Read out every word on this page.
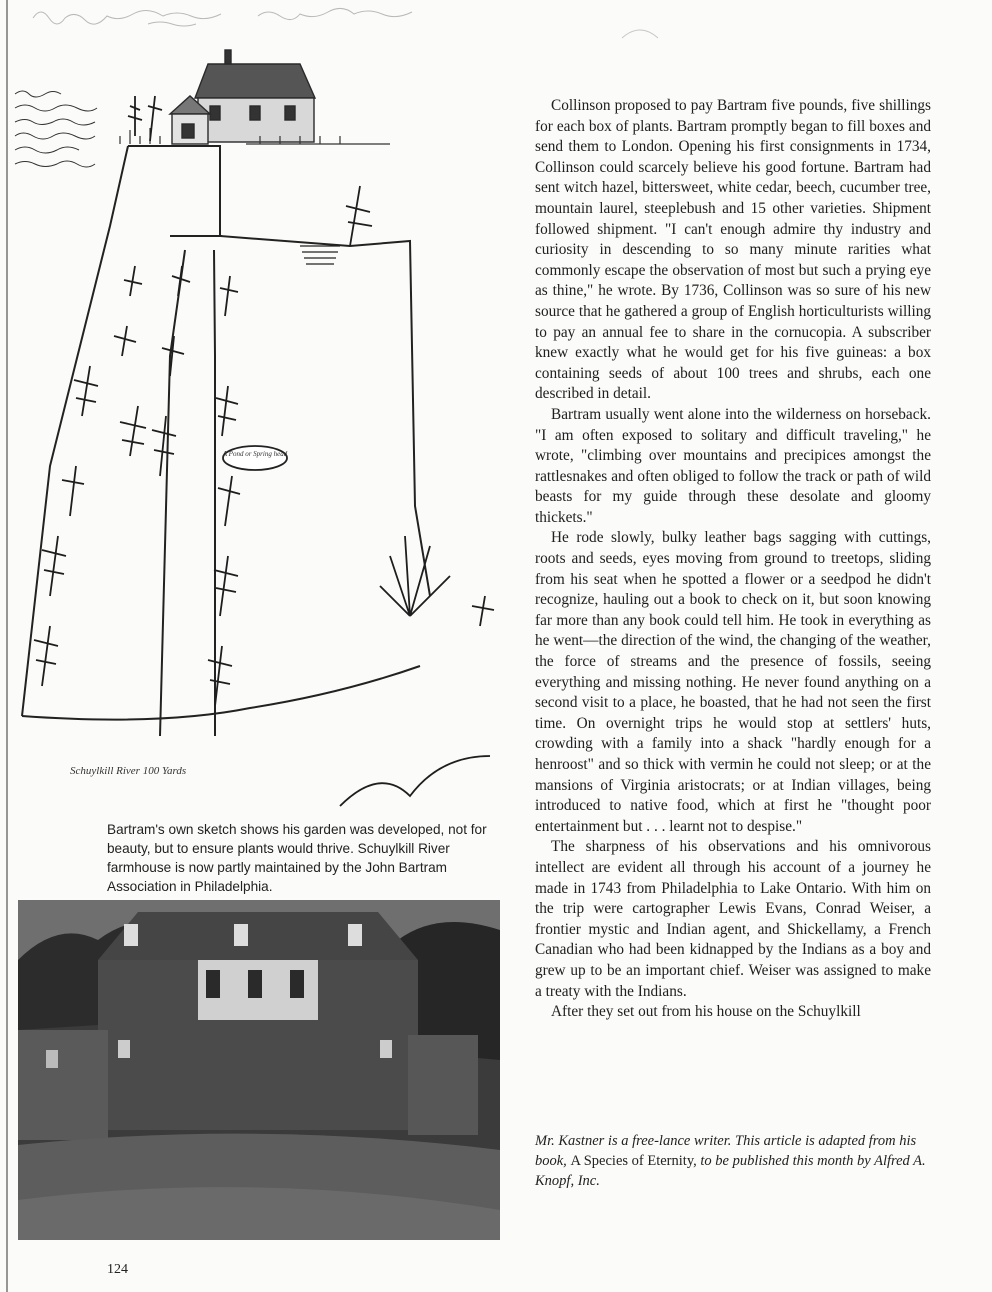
A Pond or Spring head
Schuylkill River 100 Yards

Bartram's own sketch shows his garden was developed, not for beauty, but to ensure plants would thrive. Schuylkill River farmhouse is now partly maintained by the John Bartram Association in Philadelphia.

124

Collinson proposed to pay Bartram five pounds, five shillings for each box of plants. Bartram promptly began to fill boxes and send them to London. Opening his first consignments in 1734, Collinson could scarcely believe his good fortune. Bartram had sent witch hazel, bittersweet, white cedar, beech, cucumber tree, mountain laurel, steeplebush and 15 other varieties. Shipment followed shipment. "I can't enough admire thy industry and curiosity in descending to so many minute rarities what commonly escape the observation of most but such a prying eye as thine," he wrote. By 1736, Collinson was so sure of his new source that he gathered a group of English horticulturists willing to pay an annual fee to share in the cornucopia. A subscriber knew exactly what he would get for his five guineas: a box containing seeds of about 100 trees and shrubs, each one described in detail.

Bartram usually went alone into the wilderness on horseback. "I am often exposed to solitary and difficult traveling," he wrote, "climbing over mountains and precipices amongst the rattlesnakes and often obliged to follow the track or path of wild beasts for my guide through these desolate and gloomy thickets."

He rode slowly, bulky leather bags sagging with cuttings, roots and seeds, eyes moving from ground to treetops, sliding from his seat when he spotted a flower or a seedpod he didn't recognize, hauling out a book to check on it, but soon knowing far more than any book could tell him. He took in everything as he went—the direction of the wind, the changing of the weather, the force of streams and the presence of fossils, seeing everything and missing nothing. He never found anything on a second visit to a place, he boasted, that he had not seen the first time. On overnight trips he would stop at settlers' huts, crowding with a family into a shack "hardly enough for a henroost" and so thick with vermin he could not sleep; or at the mansions of Virginia aristocrats; or at Indian villages, being introduced to native food, which at first he "thought poor entertainment but . . . learnt not to despise."

The sharpness of his observations and his omnivorous intellect are evident all through his account of a journey he made in 1743 from Philadelphia to Lake Ontario. With him on the trip were cartographer Lewis Evans, Conrad Weiser, a frontier mystic and Indian agent, and Shickellamy, a French Canadian who had been kidnapped by the Indians as a boy and grew up to be an important chief. Weiser was assigned to make a treaty with the Indians.

After they set out from his house on the Schuylkill

Mr. Kastner is a free-lance writer. This article is adapted from his book, A Species of Eternity, to be published this month by Alfred A. Knopf, Inc.
